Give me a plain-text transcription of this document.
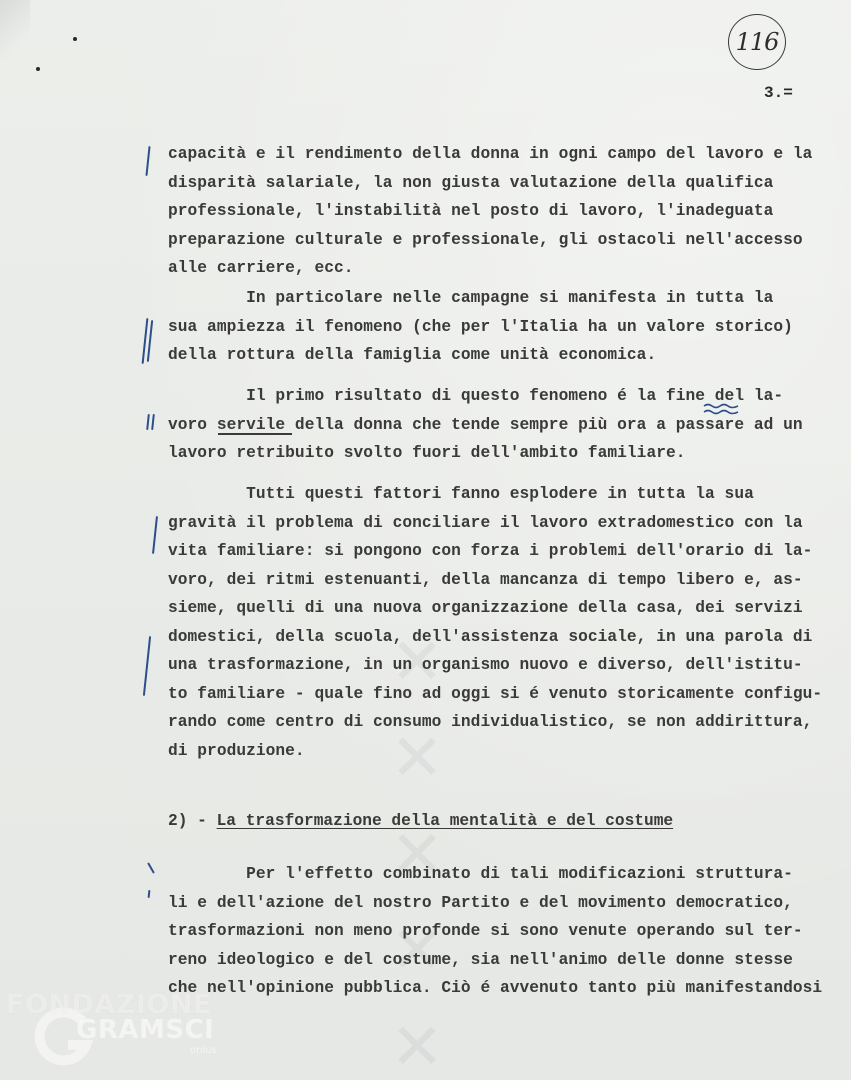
✕ ✕ ✕ ✕ ✕
116
3.=
capacità e il rendimento della donna in ogni campo del lavoro e la
disparità salariale, la non giusta valutazione della qualifica
professionale, l'instabilità nel posto di lavoro, l'inadeguata
preparazione culturale e professionale, gli ostacoli nell'accesso
alle carriere, ecc.
In particolare nelle campagne si manifesta in tutta la
sua ampiezza il fenomeno (che per l'Italia ha un valore storico)
della rottura della famiglia come unità economica.
Il primo risultato di questo fenomeno é la fine del la-
voro servile della donna che tende sempre più ora a passare ad un
lavoro retribuito svolto fuori dell'ambito familiare.
Tutti questi fattori fanno esplodere in tutta la sua
gravità il problema di conciliare il lavoro extradomestico con la
vita familiare: si pongono con forza i problemi dell'orario di la-
voro, dei ritmi estenuanti, della mancanza di tempo libero e, as-
sieme, quelli di una nuova organizzazione della casa, dei servizi
domestici, della scuola, dell'assistenza sociale, in una parola di
una trasformazione, in un organismo nuovo e diverso, dell'istitu-
to familiare - quale fino ad oggi si é venuto storicamente configu-
rando come centro di consumo individualistico, se non addirittura,
di produzione.
2) - La trasformazione della mentalità e del costume
Per l'effetto combinato di tali modificazioni struttura-
li e dell'azione del nostro Partito e del movimento democratico,
trasformazioni non meno profonde si sono venute operando sul ter-
reno ideologico e del costume, sia nell'animo delle donne stesse
che nell'opinione pubblica. Ciò é avvenuto tanto più manifestandosi
FONDAZIONE
GRAMSCI
onlus
